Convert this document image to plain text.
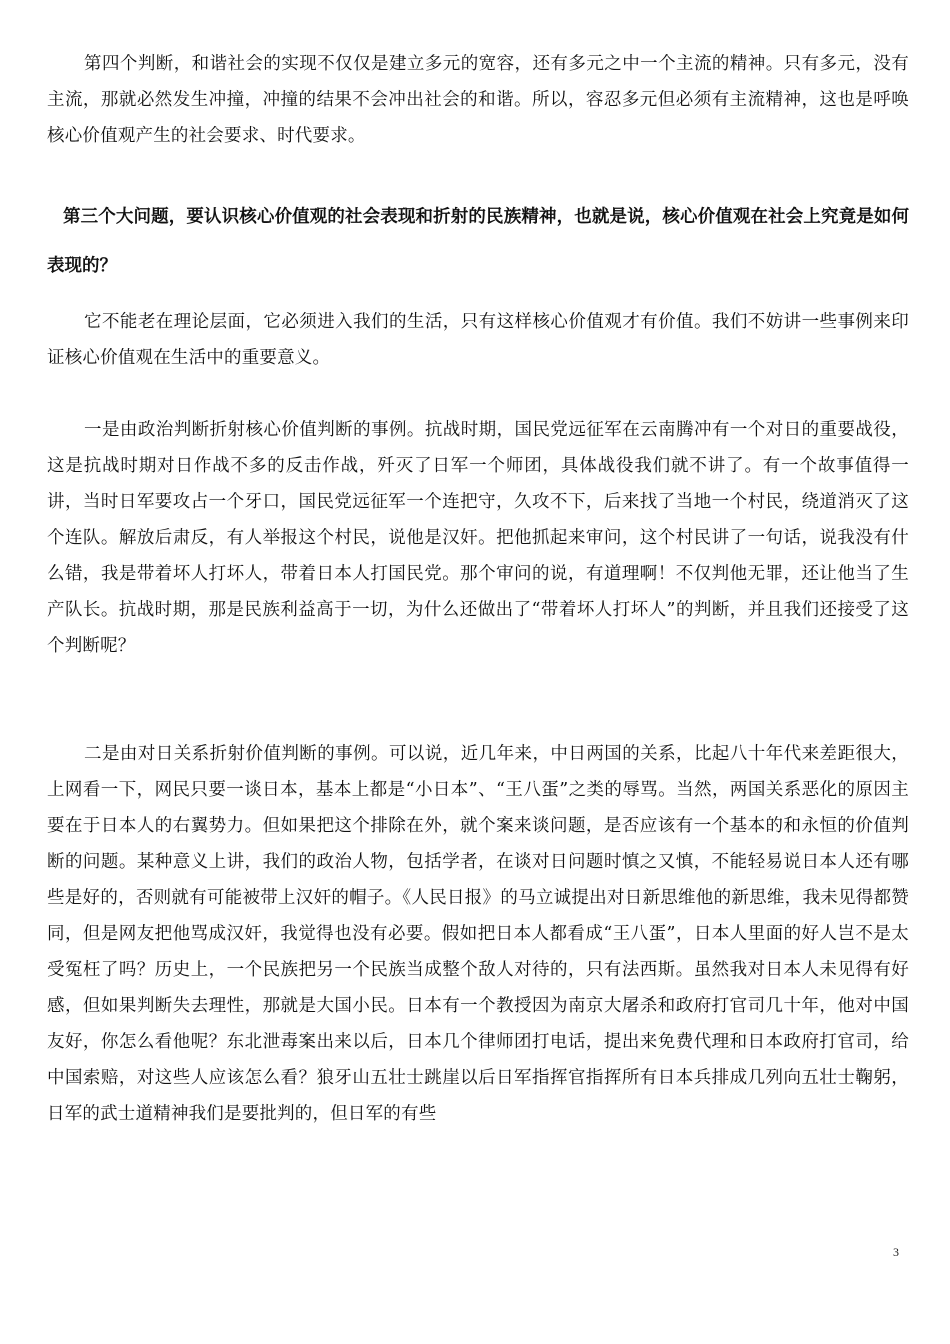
第四个判断，和谐社会的实现不仅仅是建立多元的宽容，还有多元之中一个主流的精神。只有多元，没有主流，那就必然发生冲撞，冲撞的结果不会冲出社会的和谐。所以，容忍多元但必须有主流精神，这也是呼唤核心价值观产生的社会要求、时代要求。

第三个大问题，要认识核心价值观的社会表现和折射的民族精神，也就是说，核心价值观在社会上究竟是如何表现的？

它不能老在理论层面，它必须进入我们的生活，只有这样核心价值观才有价值。我们不妨讲一些事例来印证核心价值观在生活中的重要意义。

一是由政治判断折射核心价值判断的事例。抗战时期，国民党远征军在云南腾冲有一个对日的重要战役，这是抗战时期对日作战不多的反击作战，歼灭了日军一个师团，具体战役我们就不讲了。有一个故事值得一讲，当时日军要攻占一个牙口，国民党远征军一个连把守，久攻不下，后来找了当地一个村民，绕道消灭了这个连队。解放后肃反，有人举报这个村民，说他是汉奸。把他抓起来审问，这个村民讲了一句话，说我没有什么错，我是带着坏人打坏人，带着日本人打国民党。那个审问的说，有道理啊！不仅判他无罪，还让他当了生产队长。抗战时期，那是民族利益高于一切，为什么还做出了“带着坏人打坏人”的判断，并且我们还接受了这个判断呢？

二是由对日关系折射价值判断的事例。可以说，近几年来，中日两国的关系，比起八十年代来差距很大，上网看一下，网民只要一谈日本，基本上都是“小日本”、“王八蛋”之类的辱骂。当然，两国关系恶化的原因主要在于日本人的右翼势力。但如果把这个排除在外，就个案来谈问题，是否应该有一个基本的和永恒的价值判断的问题。某种意义上讲，我们的政治人物，包括学者，在谈对日问题时慎之又慎，不能轻易说日本人还有哪些是好的，否则就有可能被带上汉奸的帽子。《人民日报》的马立诚提出对日新思维他的新思维，我未见得都赞同，但是网友把他骂成汉奸，我觉得也没有必要。假如把日本人都看成“王八蛋”，日本人里面的好人岂不是太受冤枉了吗？历史上，一个民族把另一个民族当成整个敌人对待的，只有法西斯。虽然我对日本人未见得有好感，但如果判断失去理性，那就是大国小民。日本有一个教授因为南京大屠杀和政府打官司几十年，他对中国友好，你怎么看他呢？东北泄毒案出来以后，日本几个律师团打电话，提出来免费代理和日本政府打官司，给中国索赔，对这些人应该怎么看？狼牙山五壮士跳崖以后日军指挥官指挥所有日本兵排成几列向五壮士鞠躬，日军的武士道精神我们是要批判的，但日军的有些

3
